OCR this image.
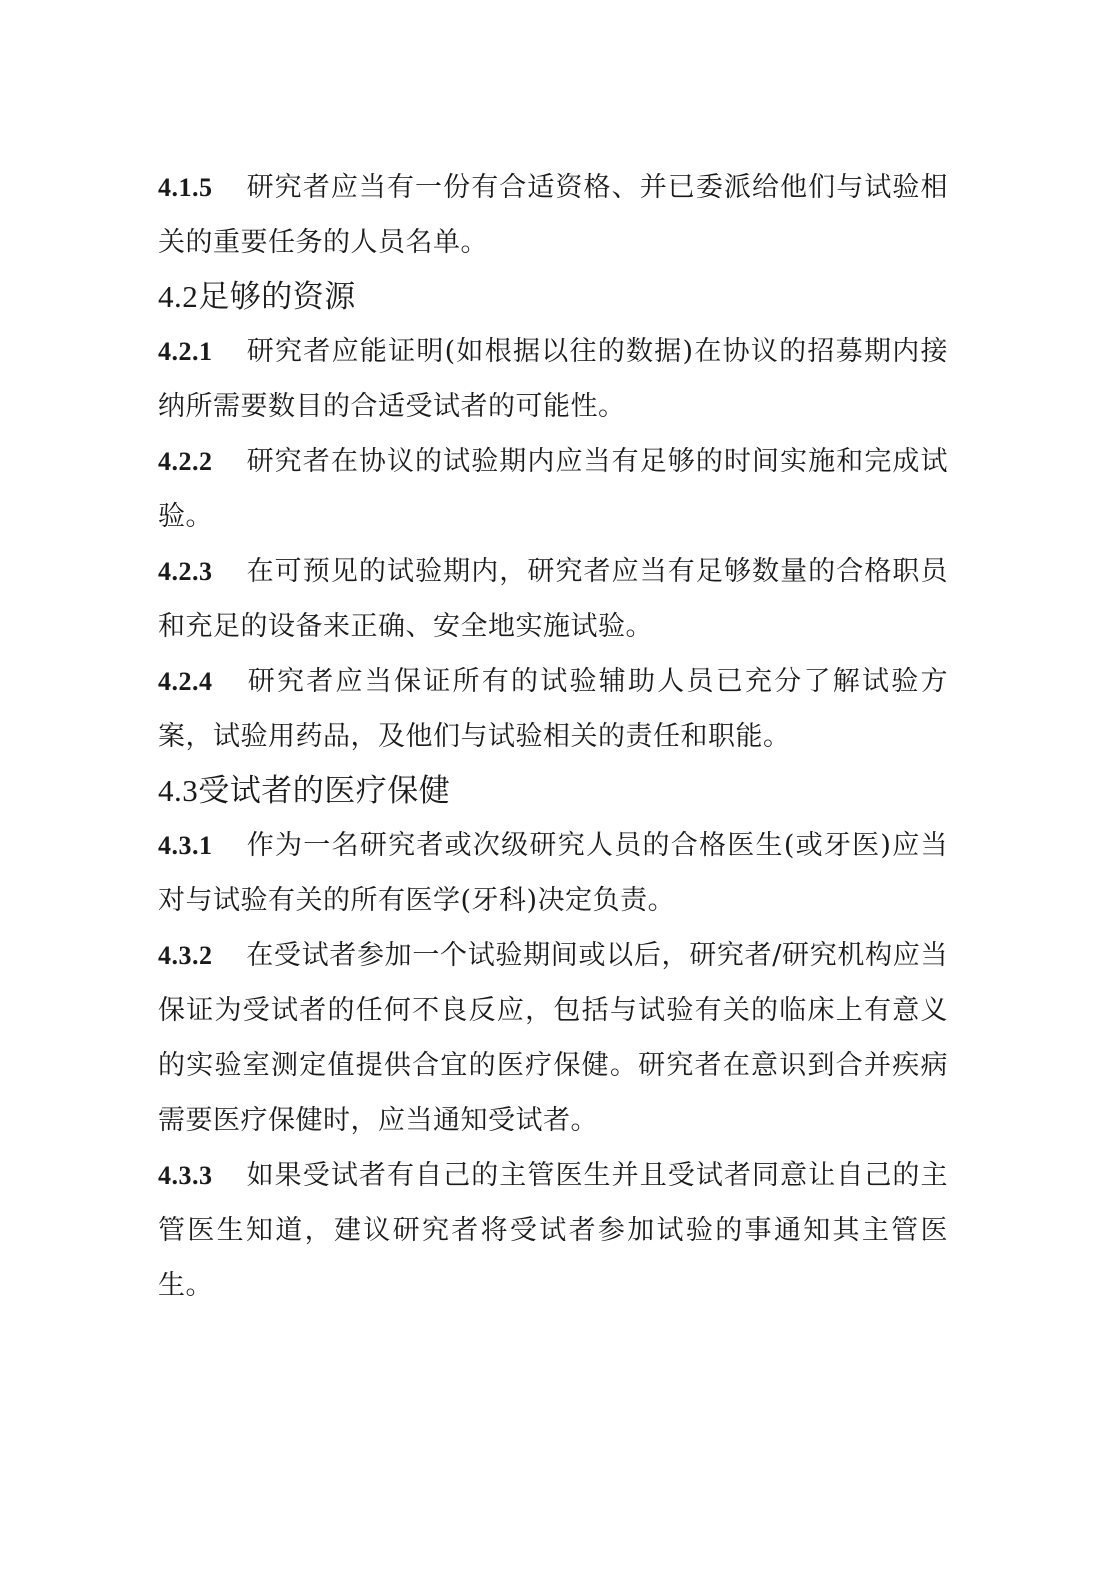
4.1.5 研究者应当有一份有合适资格、并已委派给他们与试验相关的重要任务的人员名单。

4.2足够的资源

4.2.1 研究者应能证明(如根据以往的数据)在协议的招募期内接纳所需要数目的合适受试者的可能性。

4.2.2 研究者在协议的试验期内应当有足够的时间实施和完成试验。

4.2.3 在可预见的试验期内，研究者应当有足够数量的合格职员和充足的设备来正确、安全地实施试验。

4.2.4 研究者应当保证所有的试验辅助人员已充分了解试验方案，试验用药品，及他们与试验相关的责任和职能。

4.3受试者的医疗保健

4.3.1 作为一名研究者或次级研究人员的合格医生(或牙医)应当对与试验有关的所有医学(牙科)决定负责。

4.3.2 在受试者参加一个试验期间或以后，研究者/研究机构应当保证为受试者的任何不良反应，包括与试验有关的临床上有意义的实验室测定值提供合宜的医疗保健。研究者在意识到合并疾病需要医疗保健时，应当通知受试者。

4.3.3 如果受试者有自己的主管医生并且受试者同意让自己的主管医生知道，建议研究者将受试者参加试验的事通知其主管医生。
